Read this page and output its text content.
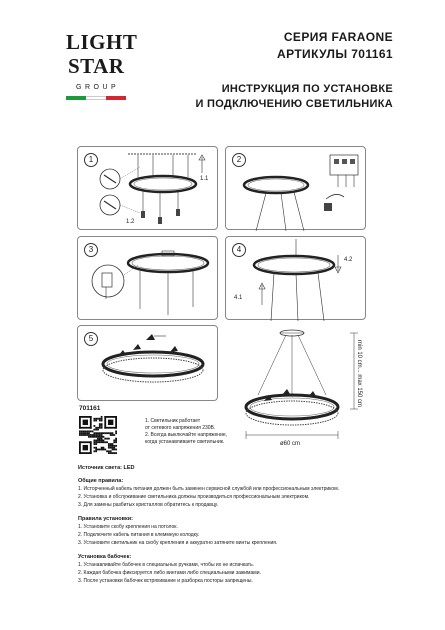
LIGHT
STAR
GROUP
СЕРИЯ FARAONE
АРТИКУЛЫ 701161
ИНСТРУКЦИЯ ПО УСТАНОВКЕ
И ПОДКЛЮЧЕНИЮ СВЕТИЛЬНИКА
1
1.1
1.2
2
3	4
4.2
4.1
5
min 10 cm... max 150 cm
ø60 cm
701161
1. Светильник работает
от сетевого напряжения 230В.
2. Всегда выключайте напряжение,
когда устанавливаете светильник.
Источник света: LED
Общие правила:
1. Исторченный кабель питания должен быть заменен сервисной службой или профессиональным электриком.
2. Установка и обслуживание светильника должны производиться профессиональным электриком.
3. Для замены разбитых кристаллов обратитесь к продавцу.
Правила установки:
1. Установите скобу крепления на потолок.
2. Подключите кабель питания в клеммную колодку.
3. Установите светильник на скобу крепления и аккуратно затяните винты крепления.
Установка бабочек:
1. Устанавливайте бабочек в специальных ручками, чтобы их не испачкать.
2. Каждая бабочка фиксируется либо винтами либо специальными зажимами.
3. После установки бабочек встряхивание и разборка посторы запрещены.
